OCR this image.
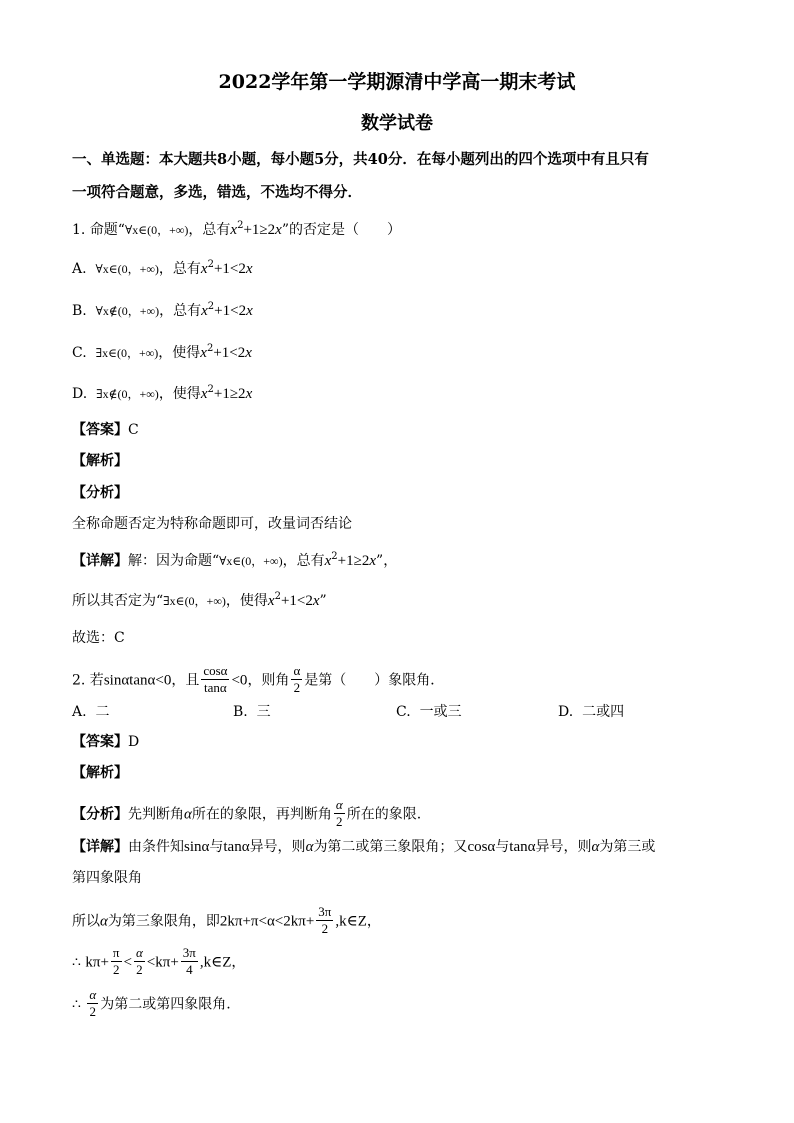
2022学年第一学期源清中学高一期末考试
数学试卷
一、单选题：本大题共8小题，每小题5分，共40分．在每小题列出的四个选项中有且只有
一项符合题意，多选，错选，不选均不得分．
1. 命题“∀x∈(0，+∞)，总有$x^2+1\ge 2x$”的否定是（　　）
A. ∀x∈(0，+∞)，总有$x^2+1<2x$
B. ∀x∉(0，+∞)，总有$x^2+1<2x$
C. ∃x∈(0，+∞)，使得$x^2+1<2x$
D. ∃x∉(0，+∞)，使得$x^2+1\ge 2x$
【答案】C
【解析】
【分析】
全称命题否定为特称命题即可，改量词否结论
【详解】解：因为命题“∀x∈(0，+∞)，总有$x^2+1\ge 2x$”，
所以其否定为“∃x∈(0，+∞)，使得$x^2+1<2x$”
故选：C
2. 若sinαtanα<0，且 $\frac{\cos\alpha}{\tan\alpha} <0$，则角 $\frac{\alpha}{2}$ 是第（　　）象限角．
A. 二	B. 三	C. 一或三	D. 二或四
【答案】D
【解析】
【分析】先判断角α所在的象限，再判断角 $\frac{\alpha}{2}$ 所在的象限.
【详解】由条件知sinα与tanα异号，则α为第二或第三象限角；又cosα与tanα异号，则α为第三或
第四象限角
所以α为第三象限角，即$2k\pi+\pi<\alpha<2k\pi+ \frac{3\pi}{2}$ ,k∈Z，
∴ $k\pi+ \frac{\pi}{2} < \frac{\alpha}{2} <k\pi+ \frac{3\pi}{4}$ ,k∈Z，
∴ $\frac{\alpha}{2}$ 为第二或第四象限角.
